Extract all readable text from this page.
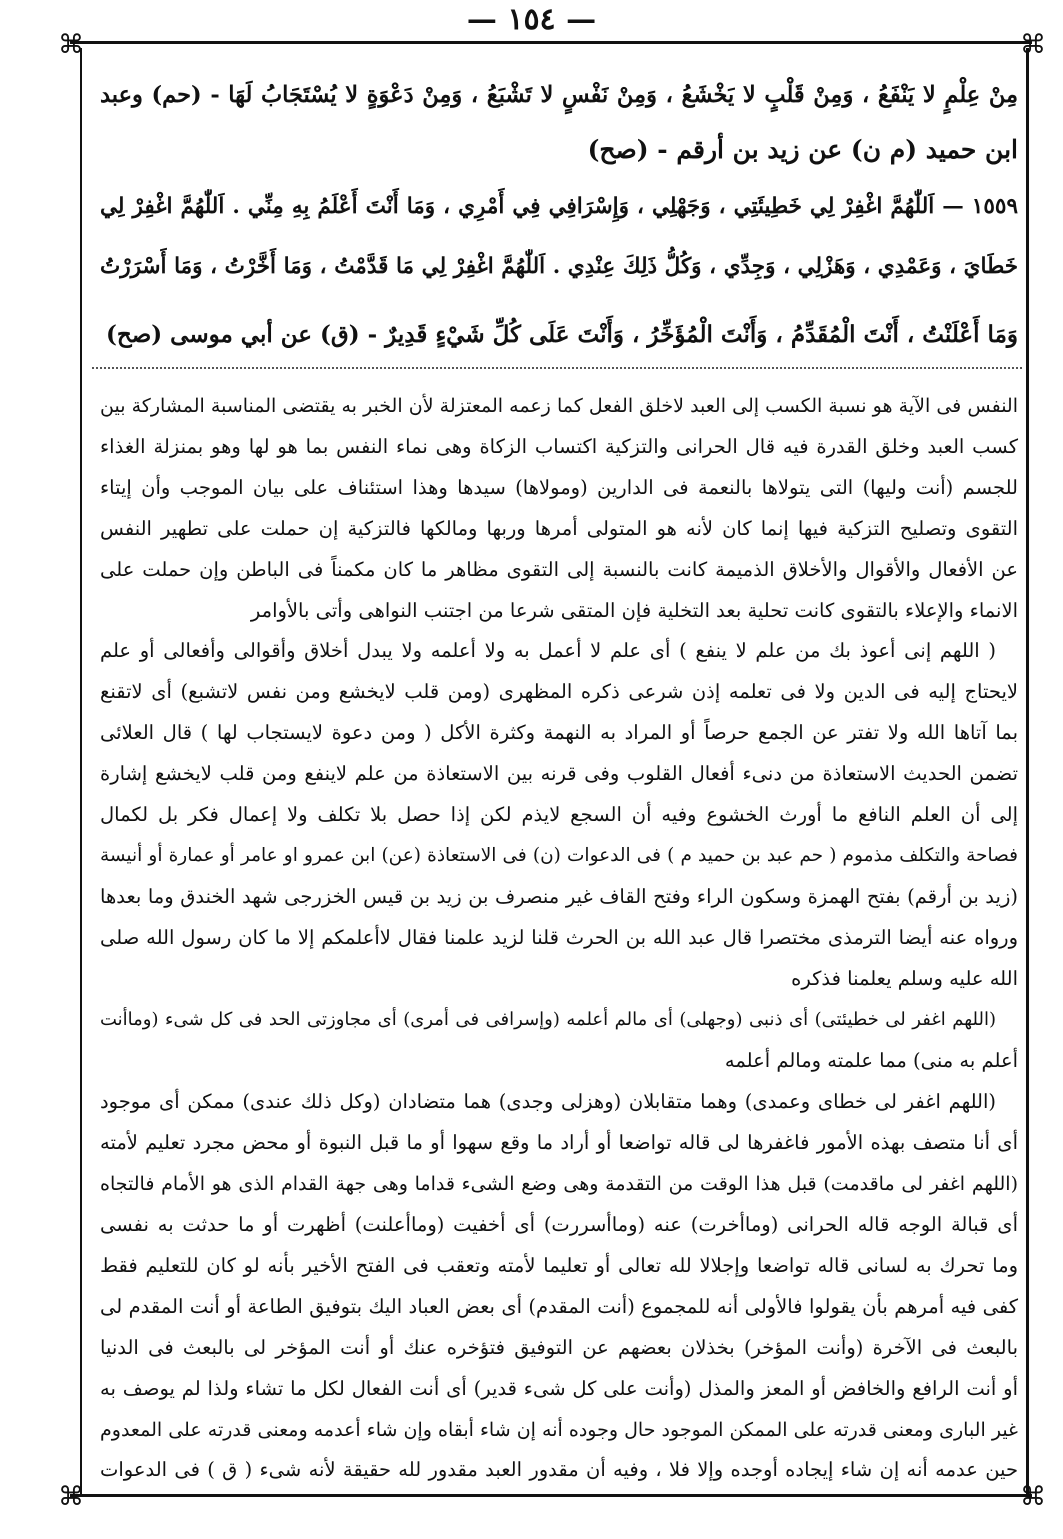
— ١٥٤ —
⌘	⌘
⌘	⌘
مِنْ عِلْمٍ لا يَنْفَعُ ، وَمِنْ قَلْبٍ لا يَخْشَعُ ، وَمِنْ نَفْسٍ لا تَشْبَعُ ، وَمِنْ دَعْوَةٍ لا يُسْتَجَابُ لَهَا - (حم) وعبد
ابن حميد (م ن) عن زيد بن أرقم - (صح)
١٥٥٩ — اَللّٰهُمَّ اغْفِرْ لِي خَطِيئَتِي ، وَجَهْلِي ، وَإِسْرَافِي فِي أَمْرِي ، وَمَا أَنْتَ أَعْلَمُ بِهِ مِنِّي . اَللّٰهُمَّ اغْفِرْ لِي
خَطَايَ ، وَعَمْدِي ، وَهَزْلِي ، وَجِدِّي ، وَكُلُّ ذَلِكَ عِنْدِي . اَللّٰهُمَّ اغْفِرْ لِي مَا قَدَّمْتُ ، وَمَا أَخَّرْتُ ، وَمَا أَسْرَرْتُ
وَمَا أَعْلَنْتُ ، أَنْتَ الْمُقَدِّمُ ، وَأَنْتَ الْمُؤَخِّرُ ، وَأَنْتَ عَلَى كُلِّ شَيْءٍ قَدِيرٌ - (ق) عن أبي موسى (صح)
النفس فى الآية هو نسبة الكسب إلى العبد لاخلق الفعل كما زعمه المعتزلة لأن الخبر به يقتضى المناسبة المشاركة بين
كسب العبد وخلق القدرة فيه قال الحرانى والتزكية اكتساب الزكاة وهى نماء النفس بما هو لها وهو بمنزلة الغذاء
للجسم (أنت وليها) التى يتولاها بالنعمة فى الدارين (ومولاها) سيدها وهذا استئناف على بيان الموجب وأن إيتاء
التقوى وتصليح التزكية فيها إنما كان لأنه هو المتولى أمرها وربها ومالكها فالتزكية إن حملت على تطهير النفس
عن الأفعال والأقوال والأخلاق الذميمة كانت بالنسبة إلى التقوى مظاهر ما كان مكمناً فى الباطن وإن حملت على
الانماء والإعلاء بالتقوى كانت تحلية بعد التخلية فإن المتقى شرعا من اجتنب النواهى وأتى بالأوامر
( اللهم إنى أعوذ بك من علم لا ينفع ) أى علم لا أعمل به ولا أعلمه ولا يبدل أخلاق وأقوالى وأفعالى أو علم
لايحتاج إليه فى الدين ولا فى تعلمه إذن شرعى ذكره المظهرى (ومن قلب لايخشع ومن نفس لاتشبع) أى لاتقنع
بما آتاها الله ولا تفتر عن الجمع حرصاً أو المراد به النهمة وكثرة الأكل ( ومن دعوة لايستجاب لها ) قال العلائى
تضمن الحديث الاستعاذة من دنىء أفعال القلوب وفى قرنه بين الاستعاذة من علم لاينفع ومن قلب لايخشع إشارة
إلى أن العلم النافع ما أورث الخشوع وفيه أن السجع لايذم لكن إذا حصل بلا تكلف ولا إعمال فكر بل لكمال
فصاحة والتكلف مذموم ( حم عبد بن حميد م ) فى الدعوات (ن) فى الاستعاذة (عن) ابن عمرو او عامر أو عمارة أو أنيسة
(زيد بن أرقم) بفتح الهمزة وسكون الراء وفتح القاف غير منصرف بن زيد بن قيس الخزرجى شهد الخندق وما بعدها
ورواه عنه أيضا الترمذى مختصرا قال عبد الله بن الحرث قلنا لزيد علمنا فقال لاأعلمكم إلا ما كان رسول الله صلى
الله عليه وسلم يعلمنا فذكره
(اللهم اغفر لى خطيئتى) أى ذنبى (وجهلى) أى مالم أعلمه (وإسرافى فى أمرى) أى مجاوزتى الحد فى كل شىء (وماأنت
أعلم به منى) مما علمته ومالم أعلمه
(اللهم اغفر لى خطاى وعمدى) وهما متقابلان (وهزلى وجدى) هما متضادان (وكل ذلك عندى) ممكن أى موجود
أى أنا متصف بهذه الأمور فاغفرها لى قاله تواضعا أو أراد ما وقع سهوا أو ما قبل النبوة أو محض مجرد تعليم لأمته
(اللهم اغفر لى ماقدمت) قبل هذا الوقت من التقدمة وهى وضع الشىء قداما وهى جهة القدام الذى هو الأمام فالتجاه
أى قبالة الوجه قاله الحرانى (وماأخرت) عنه (وماأسررت) أى أخفيت (وماأعلنت) أظهرت أو ما حدثت به نفسى
وما تحرك به لسانى قاله تواضعا وإجلالا لله تعالى أو تعليما لأمته وتعقب فى الفتح الأخير بأنه لو كان للتعليم فقط
كفى فيه أمرهم بأن يقولوا فالأولى أنه للمجموع (أنت المقدم) أى بعض العباد اليك بتوفيق الطاعة أو أنت المقدم لى
بالبعث فى الآخرة (وأنت المؤخر) بخذلان بعضهم عن التوفيق فتؤخره عنك أو أنت المؤخر لى بالبعث فى الدنيا
أو أنت الرافع والخافض أو المعز والمذل (وأنت على كل شىء قدير) أى أنت الفعال لكل ما تشاء ولذا لم يوصف به
غير البارى ومعنى قدرته على الممكن الموجود حال وجوده أنه إن شاء أبقاه وإن شاء أعدمه ومعنى قدرته على المعدوم
حين عدمه أنه إن شاء إيجاده أوجده وإلا فلا ، وفيه أن مقدور العبد مقدور لله حقيقة لأنه شىء ( ق ) فى الدعوات
